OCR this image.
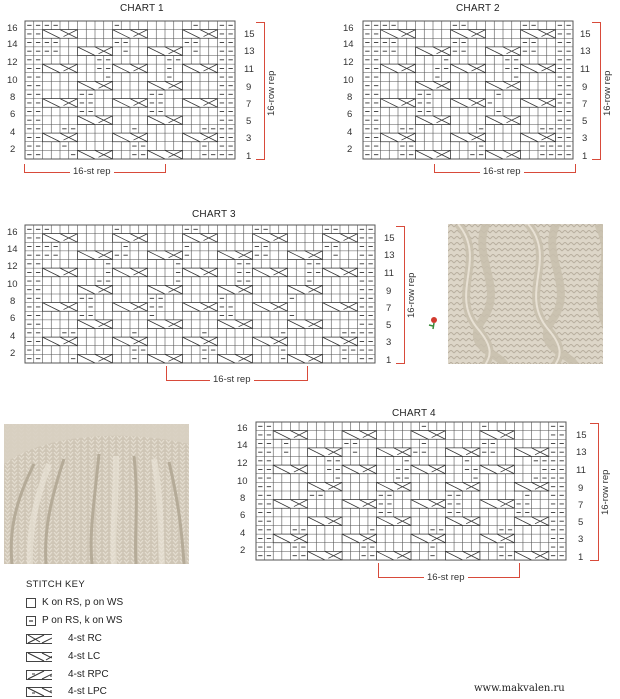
CHART 1
16
14
12
10
8
6
4
2
15
13
11
9
7
5
3
1
16-row rep
16-st rep
CHART 2
16
14
12
10
8
6
4
2
15
13
11
9
7
5
3
1
16-row rep
16-st rep
CHART 3
16
14
12
10
8
6
4
2
15
13
11
9
7
5
3
1
16-row rep
16-st rep
CHART 4
16
14
12
10
8
6
4
2
15
13
11
9
7
5
3
1
16-row rep
16-st rep
STITCH KEY
K on RS, p on WS
P on RS, k on WS
4-st RC
4-st LC
4-st RPC
4-st LPC	www.makvalen.ru
